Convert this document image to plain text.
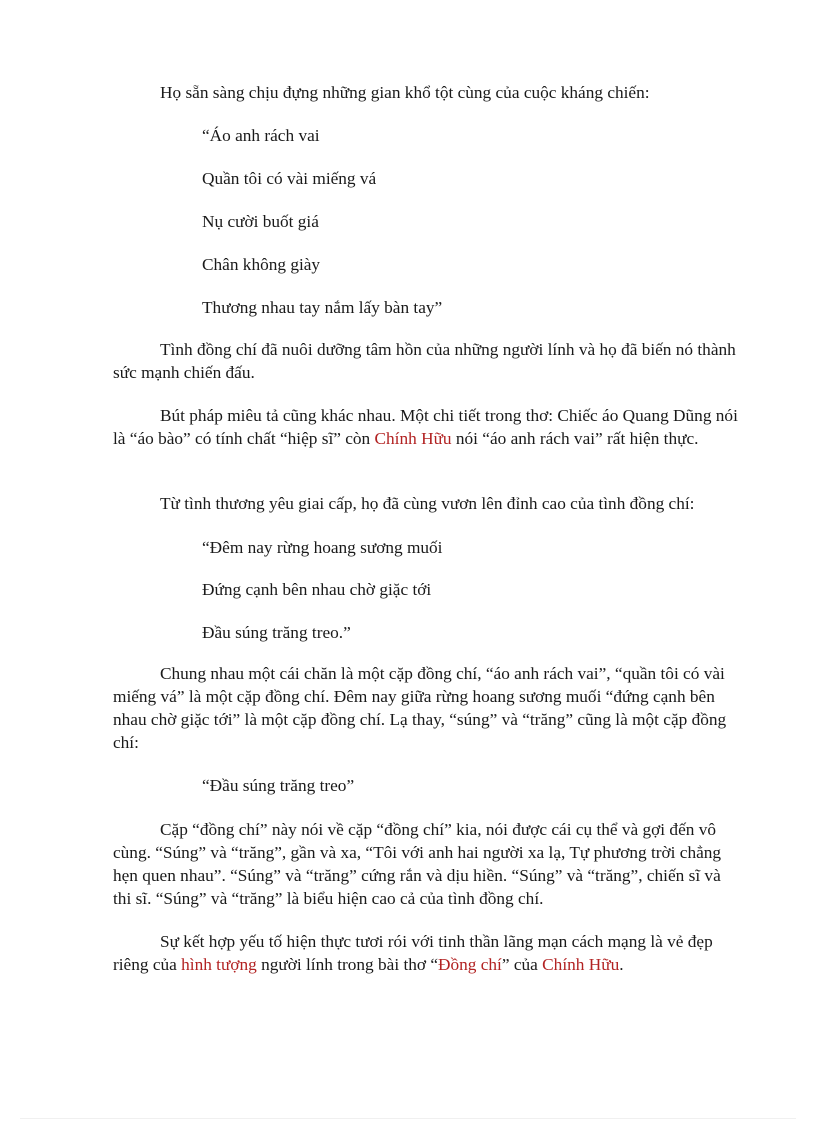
Họ sẵn sàng chịu đựng những gian khổ tột cùng của cuộc kháng chiến:

“Áo anh rách vai

Quần tôi có vài miếng vá

Nụ cười buốt giá

Chân không giày

Thương nhau tay nắm lấy bàn tay”

Tình đồng chí đã nuôi dưỡng tâm hồn của những người lính và họ đã biến nó thành sức mạnh chiến đấu.

Bút pháp miêu tả cũng khác nhau. Một chi tiết trong thơ: Chiếc áo Quang Dũng nói là “áo bào” có tính chất “hiệp sĩ” còn Chính Hữu nói “áo anh rách vai” rất hiện thực.

Từ tình thương yêu giai cấp, họ đã cùng vươn lên đỉnh cao của tình đồng chí:

“Đêm nay rừng hoang sương muối

Đứng cạnh bên nhau chờ giặc tới

Đầu súng trăng treo.”

Chung nhau một cái chăn là một cặp đồng chí, “áo anh rách vai”, “quần tôi có vài miếng vá” là một cặp đồng chí. Đêm nay giữa rừng hoang sương muối “đứng cạnh bên nhau chờ giặc tới” là một cặp đồng chí. Lạ thay, “súng” và “trăng” cũng là một cặp đồng chí:

“Đầu súng trăng treo”

Cặp “đồng chí” này nói về cặp “đồng chí” kia, nói được cái cụ thể và gợi đến vô cùng. “Súng” và “trăng”, gần và xa, “Tôi với anh hai người xa lạ, Tự phương trời chẳng hẹn quen nhau”. “Súng” và “trăng” cứng rắn và dịu hiền. “Súng” và “trăng”, chiến sĩ và thi sĩ. “Súng” và “trăng” là biểu hiện cao cả của tình đồng chí.

Sự kết hợp yếu tố hiện thực tươi rói với tinh thần lãng mạn cách mạng là vẻ đẹp riêng của hình tượng người lính trong bài thơ “Đồng chí” của Chính Hữu.
